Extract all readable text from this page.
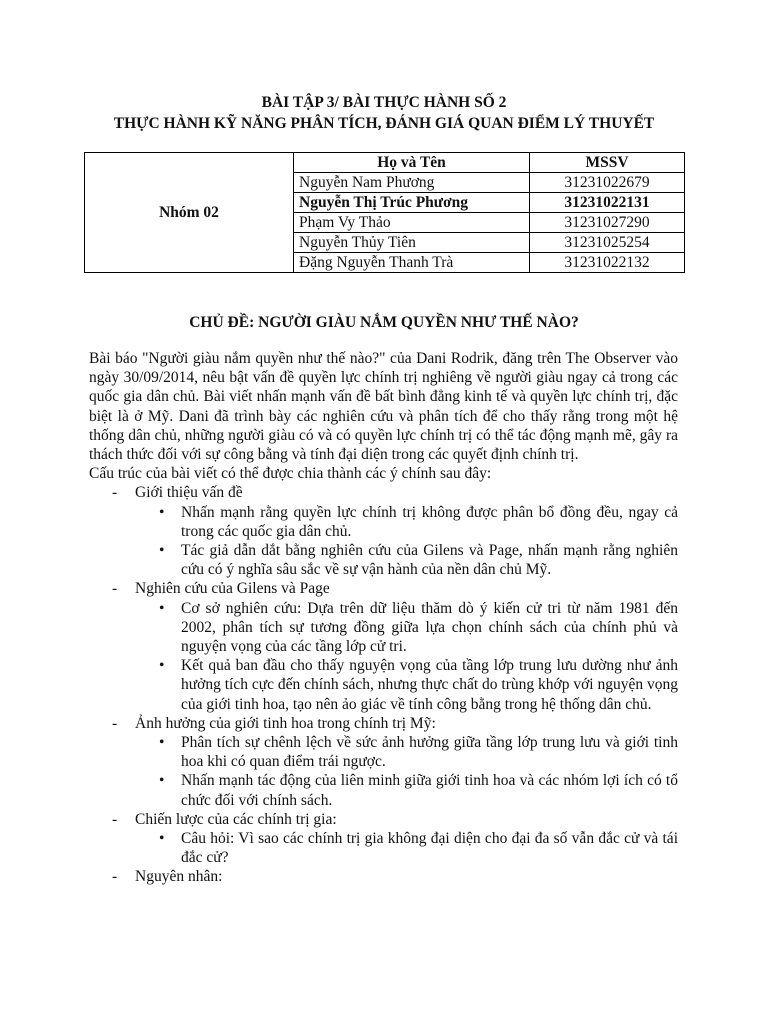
BÀI TẬP 3/ BÀI THỰC HÀNH SỐ 2
THỰC HÀNH KỸ NĂNG PHÂN TÍCH, ĐÁNH GIÁ QUAN ĐIỂM LÝ THUYẾT
Nhóm 02	Họ và Tên	MSSV
	Nguyễn Nam Phương	31231022679
	Nguyễn Thị Trúc Phương	31231022131
	Phạm Vy Thảo	31231027290
	Nguyễn Thủy Tiên	31231025254
	Đặng Nguyễn Thanh Trà	31231022132
CHỦ ĐỀ: NGƯỜI GIÀU NẮM QUYỀN NHƯ THẾ NÀO?

Bài báo "Người giàu nắm quyền như thế nào?" của Dani Rodrik, đăng trên The Observer vào ngày 30/09/2014, nêu bật vấn đề quyền lực chính trị nghiêng về người giàu ngay cả trong các quốc gia dân chủ. Bài viết nhấn mạnh vấn đề bất bình đẳng kinh tế và quyền lực chính trị, đặc biệt là ở Mỹ. Dani đã trình bày các nghiên cứu và phân tích để cho thấy rằng trong một hệ thống dân chủ, những người giàu có và có quyền lực chính trị có thể tác động mạnh mẽ, gây ra thách thức đối với sự công bằng và tính đại diện trong các quyết định chính trị.

Cấu trúc của bài viết có thể được chia thành các ý chính sau đây:

- Giới thiệu vấn đề
• Nhấn mạnh rằng quyền lực chính trị không được phân bổ đồng đều, ngay cả trong các quốc gia dân chủ.
• Tác giả dẫn dắt bằng nghiên cứu của Gilens và Page, nhấn mạnh rằng nghiên cứu có ý nghĩa sâu sắc về sự vận hành của nền dân chủ Mỹ.
- Nghiên cứu của Gilens và Page
• Cơ sở nghiên cứu: Dựa trên dữ liệu thăm dò ý kiến cử tri từ năm 1981 đến 2002, phân tích sự tương đồng giữa lựa chọn chính sách của chính phủ và nguyện vọng của các tầng lớp cử tri.
• Kết quả ban đầu cho thấy nguyện vọng của tầng lớp trung lưu dường như ảnh hưởng tích cực đến chính sách, nhưng thực chất do trùng khớp với nguyện vọng của giới tinh hoa, tạo nên ảo giác về tính công bằng trong hệ thống dân chủ.
- Ảnh hưởng của giới tinh hoa trong chính trị Mỹ:
• Phân tích sự chênh lệch về sức ảnh hưởng giữa tầng lớp trung lưu và giới tinh hoa khi có quan điểm trái ngược.
• Nhấn mạnh tác động của liên minh giữa giới tinh hoa và các nhóm lợi ích có tổ chức đối với chính sách.
- Chiến lược của các chính trị gia:
• Câu hỏi: Vì sao các chính trị gia không đại diện cho đại đa số vẫn đắc cử và tái đắc cử?
- Nguyên nhân:
